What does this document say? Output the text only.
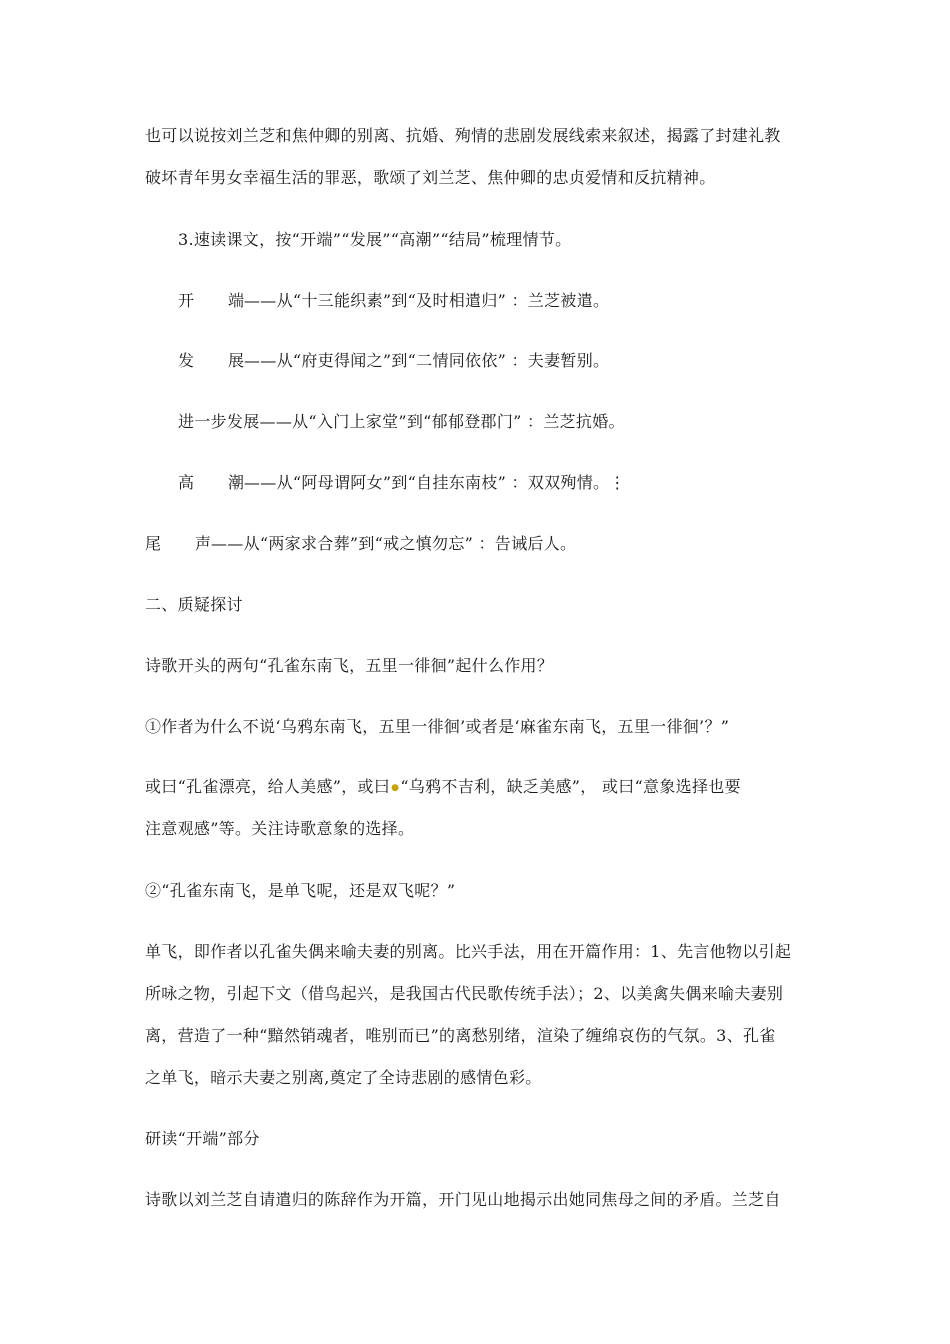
也可以说按刘兰芝和焦仲卿的别离、抗婚、殉情的悲剧发展线索来叙述，揭露了封建礼教
破坏青年男女幸福生活的罪恶，歌颂了刘兰芝、焦仲卿的忠贞爱情和反抗精神。
3.速读课文，按“开端”“发展”“高潮”“结局”梳理情节。
开 端 ——从“十三能织素”到“及时相遣归” ：兰芝被遣。
发 展 ——从“府吏得闻之”到“二情同依依” ：夫妻暂别。
进一步发展——从“入门上家堂”到“郁郁登郡门” ：兰芝抗婚。
高 潮 ——从“阿母谓阿女”到“自挂东南枝” ：双双殉情。⋮
尾 声 ——从“两家求合葬”到“戒之慎勿忘” ：告诫后人。
二、质疑探讨
诗歌开头的两句“孔雀东南飞，五里一徘徊”起什么作用？
①作者为什么不说‘乌鸦东南飞，五里一徘徊’或者是‘麻雀东南飞，五里一徘徊’？”
或曰“孔雀漂亮，给人美感”，或曰●“乌鸦不吉利，缺乏美感”， 或曰“意象选择也要
注意观感”等。关注诗歌意象的选择。
②“孔雀东南飞，是单飞呢，还是双飞呢？”
单飞，即作者以孔雀失偶来喻夫妻的别离。比兴手法，用在开篇作用：1、先言他物以引起
所咏之物，引起下文（借鸟起兴，是我国古代民歌传统手法）；2、以美禽失偶来喻夫妻别
离，营造了一种“黯然销魂者，唯别而已”的离愁别绪，渲染了缠绵哀伤的气氛。3、孔雀
之单飞，暗示夫妻之别离,奠定了全诗悲剧的感情色彩。
研读“开端”部分
诗歌以刘兰芝自请遣归的陈辞作为开篇，开门见山地揭示出她同焦母之间的矛盾。兰芝自
